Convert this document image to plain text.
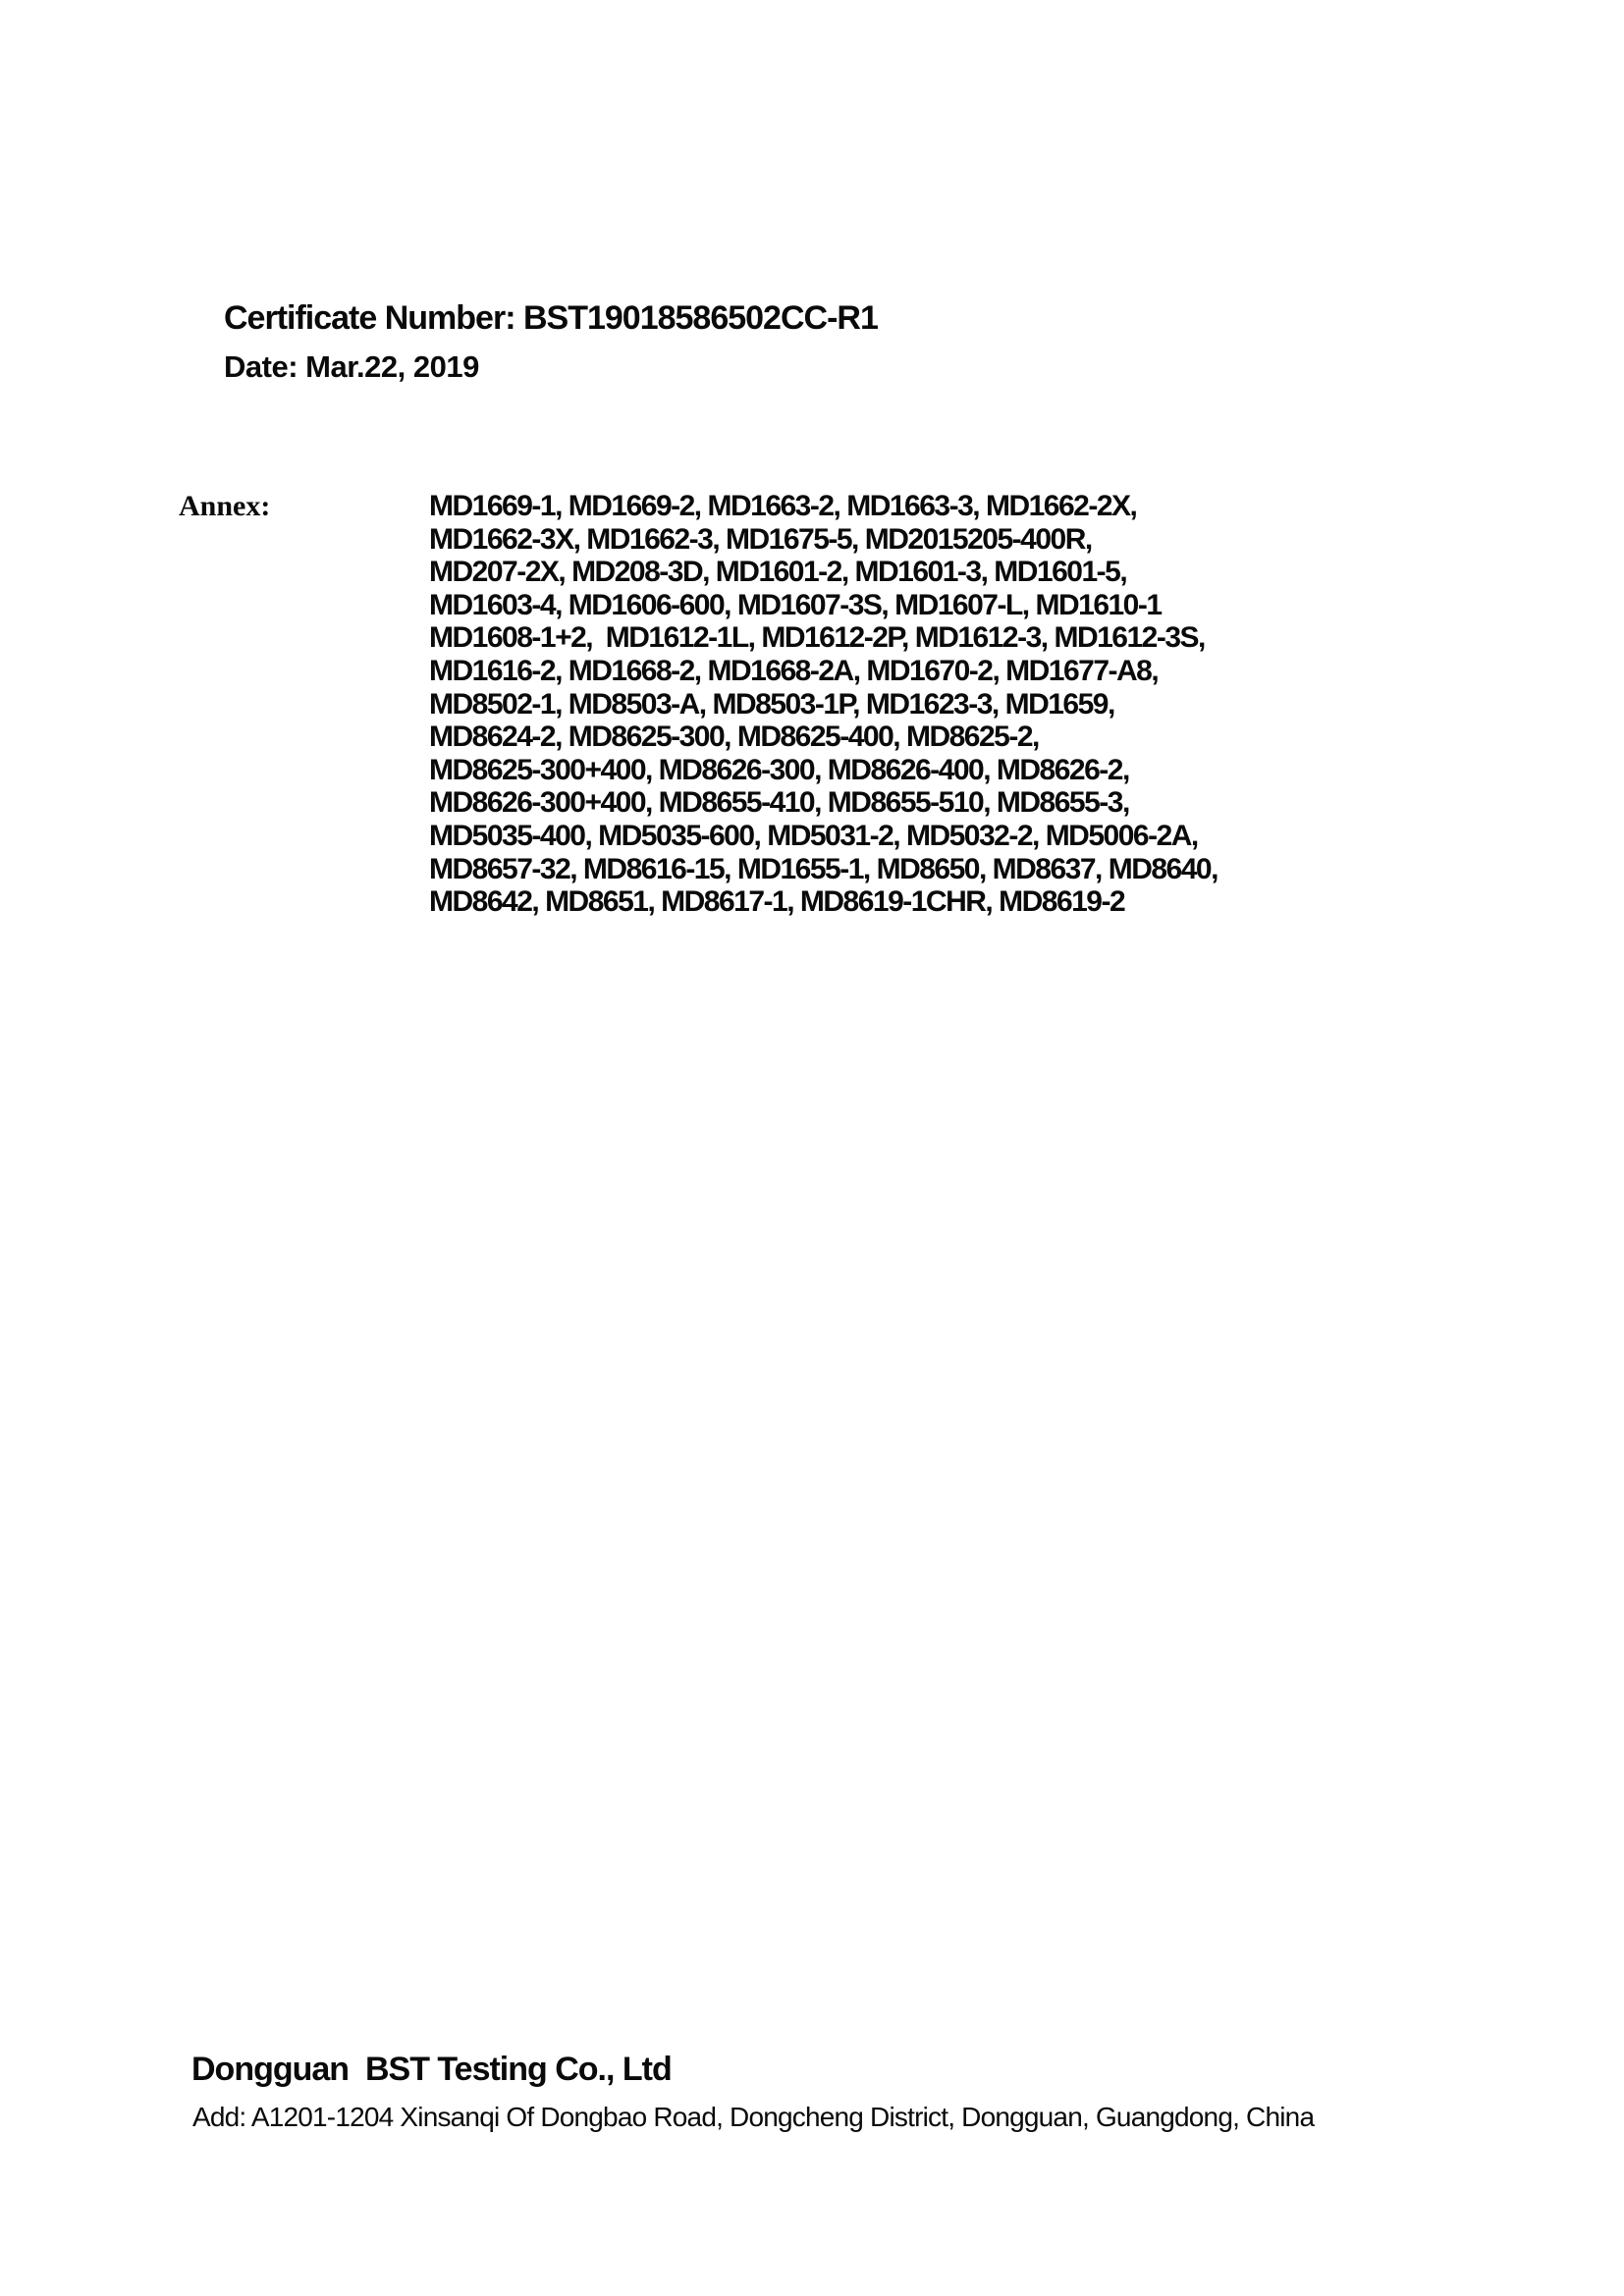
Certificate Number: BST19018586502CC-R1
Date: Mar.22, 2019
Annex:	MD1669-1, MD1669-2, MD1663-2, MD1663-3, MD1662-2X,
MD1662-3X, MD1662-3, MD1675-5, MD2015205-400R,
MD207-2X, MD208-3D, MD1601-2, MD1601-3, MD1601-5,
MD1603-4, MD1606-600, MD1607-3S, MD1607-L, MD1610-1
MD1608-1+2,  MD1612-1L, MD1612-2P, MD1612-3, MD1612-3S,
MD1616-2, MD1668-2, MD1668-2A, MD1670-2, MD1677-A8,
MD8502-1, MD8503-A, MD8503-1P, MD1623-3, MD1659,
MD8624-2, MD8625-300, MD8625-400, MD8625-2,
MD8625-300+400, MD8626-300, MD8626-400, MD8626-2,
MD8626-300+400, MD8655-410, MD8655-510, MD8655-3,
MD5035-400, MD5035-600, MD5031-2, MD5032-2, MD5006-2A,
MD8657-32, MD8616-15, MD1655-1, MD8650, MD8637, MD8640,
MD8642, MD8651, MD8617-1, MD8619-1CHR, MD8619-2
Dongguan  BST Testing Co., Ltd
Add: A1201-1204 Xinsanqi Of Dongbao Road, Dongcheng District, Dongguan, Guangdong, China
